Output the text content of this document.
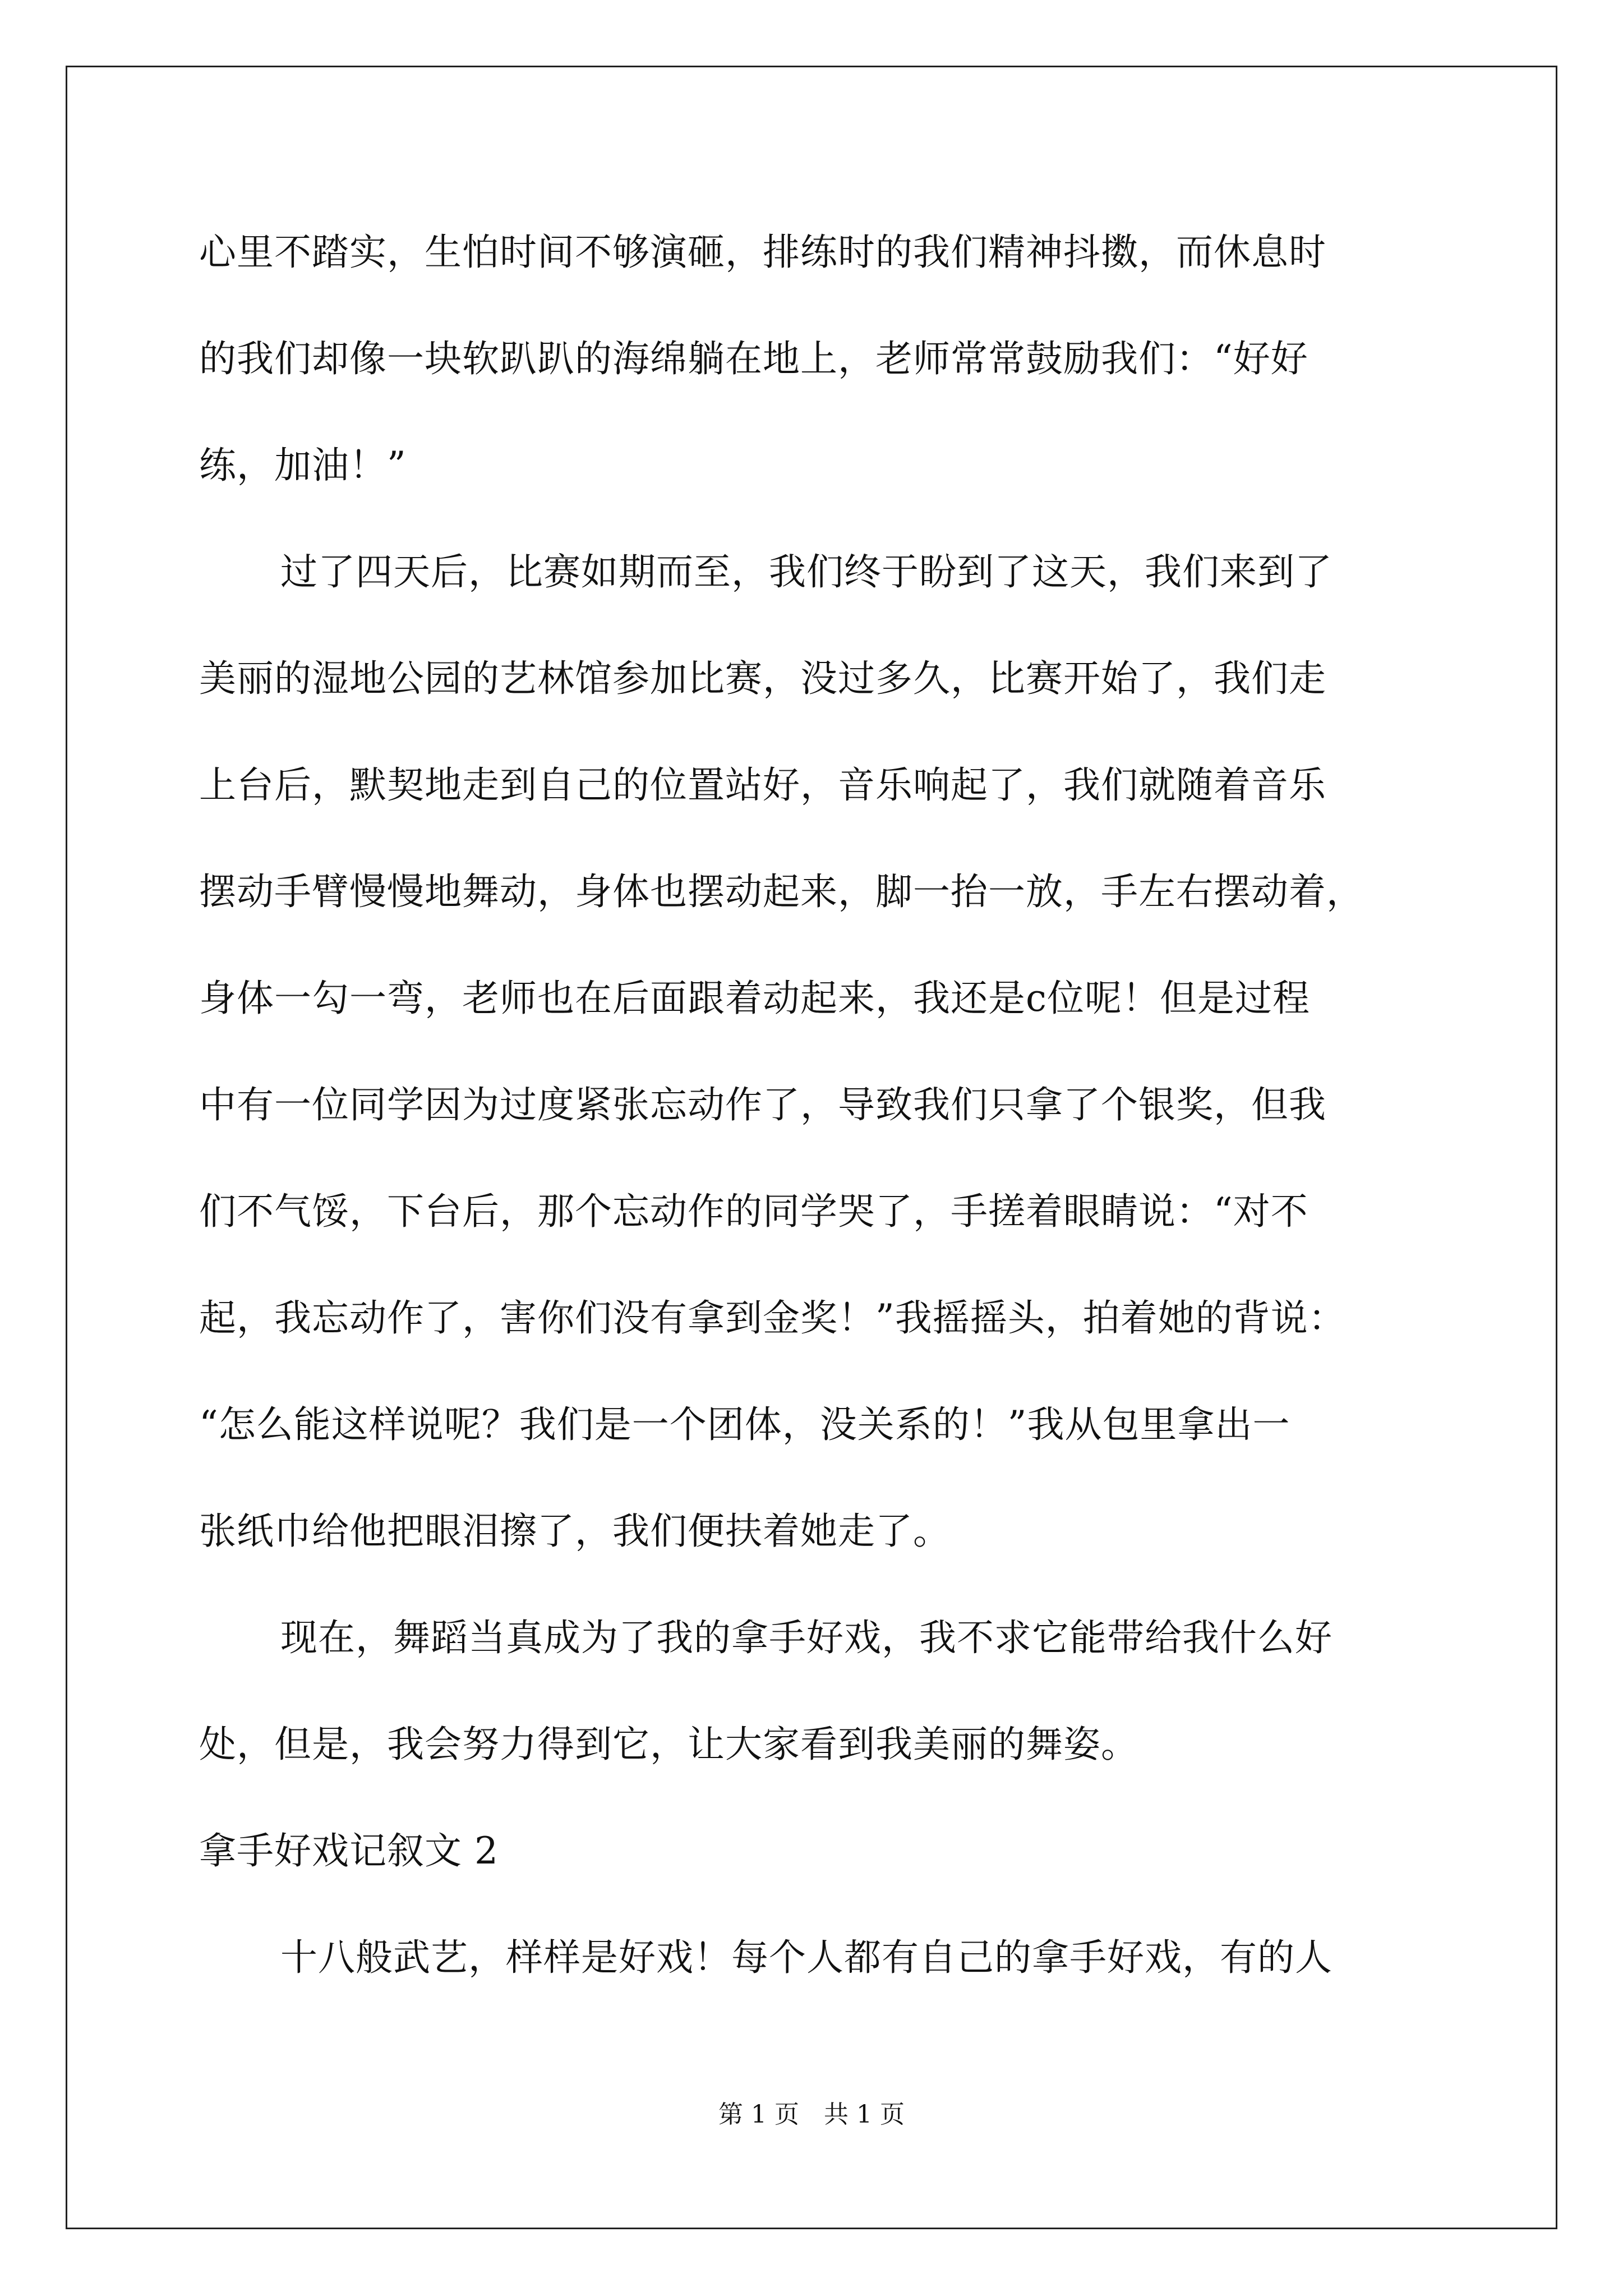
心里不踏实，生怕时间不够演砸，排练时的我们精神抖擞，而休息时
的我们却像一块软趴趴的海绵躺在地上，老师常常鼓励我们：“好好
练，加油！”
过了四天后，比赛如期而至，我们终于盼到了这天，我们来到了
美丽的湿地公园的艺林馆参加比赛，没过多久，比赛开始了，我们走
上台后，默契地走到自己的位置站好，音乐响起了，我们就随着音乐
摆动手臂慢慢地舞动，身体也摆动起来，脚一抬一放，手左右摆动着，
身体一勾一弯，老师也在后面跟着动起来，我还是c位呢！但是过程
中有一位同学因为过度紧张忘动作了，导致我们只拿了个银奖，但我
们不气馁，下台后，那个忘动作的同学哭了，手搓着眼睛说：“对不
起，我忘动作了，害你们没有拿到金奖！”我摇摇头，拍着她的背说：
“怎么能这样说呢？我们是一个团体，没关系的！”我从包里拿出一
张纸巾给他把眼泪擦了，我们便扶着她走了。
现在，舞蹈当真成为了我的拿手好戏，我不求它能带给我什么好
处，但是，我会努力得到它，让大家看到我美丽的舞姿。
拿手好戏记叙文 2
十八般武艺，样样是好戏！每个人都有自己的拿手好戏，有的人
第 1 页　共 1 页
